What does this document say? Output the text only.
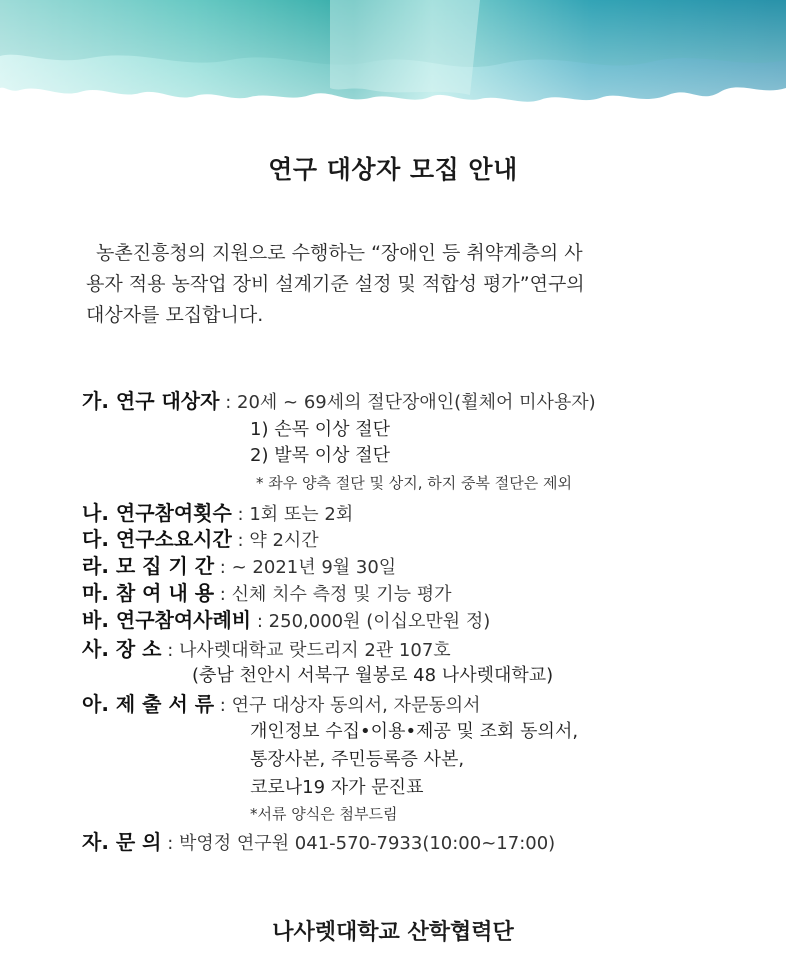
연구 대상자 모집 안내
농촌진흥청의 지원으로 수행하는 “장애인 등 취약계층의 사
용자 적용 농작업 장비 설계기준 설정 및 적합성 평가”연구의
대상자를 모집합니다.
가. 연구 대상자 : 20세 ~ 69세의 절단장애인(휠체어 미사용자)
1) 손목 이상 절단
2) 발목 이상 절단
* 좌우 양측 절단 및 상지, 하지 중복 절단은 제외
나. 연구참여횟수 : 1회 또는 2회
다. 연구소요시간 : 약 2시간
라. 모 집 기 간 : ~ 2021년 9월 30일
마. 참 여 내 용 : 신체 치수 측정 및 기능 평가
바. 연구참여사례비 : 250,000원 (이십오만원 정)
사. 장 소 : 나사렛대학교 랏드리지 2관 107호
(충남 천안시 서북구 월봉로 48 나사렛대학교)
아. 제 출 서 류 : 연구 대상자 동의서, 자문동의서
개인정보 수집•이용•제공 및 조회 동의서,
통장사본, 주민등록증 사본,
코로나19 자가 문진표
*서류 양식은 첨부드림
자. 문 의 : 박영정 연구원 041-570-7933(10:00~17:00)
나사렛대학교 산학협력단
